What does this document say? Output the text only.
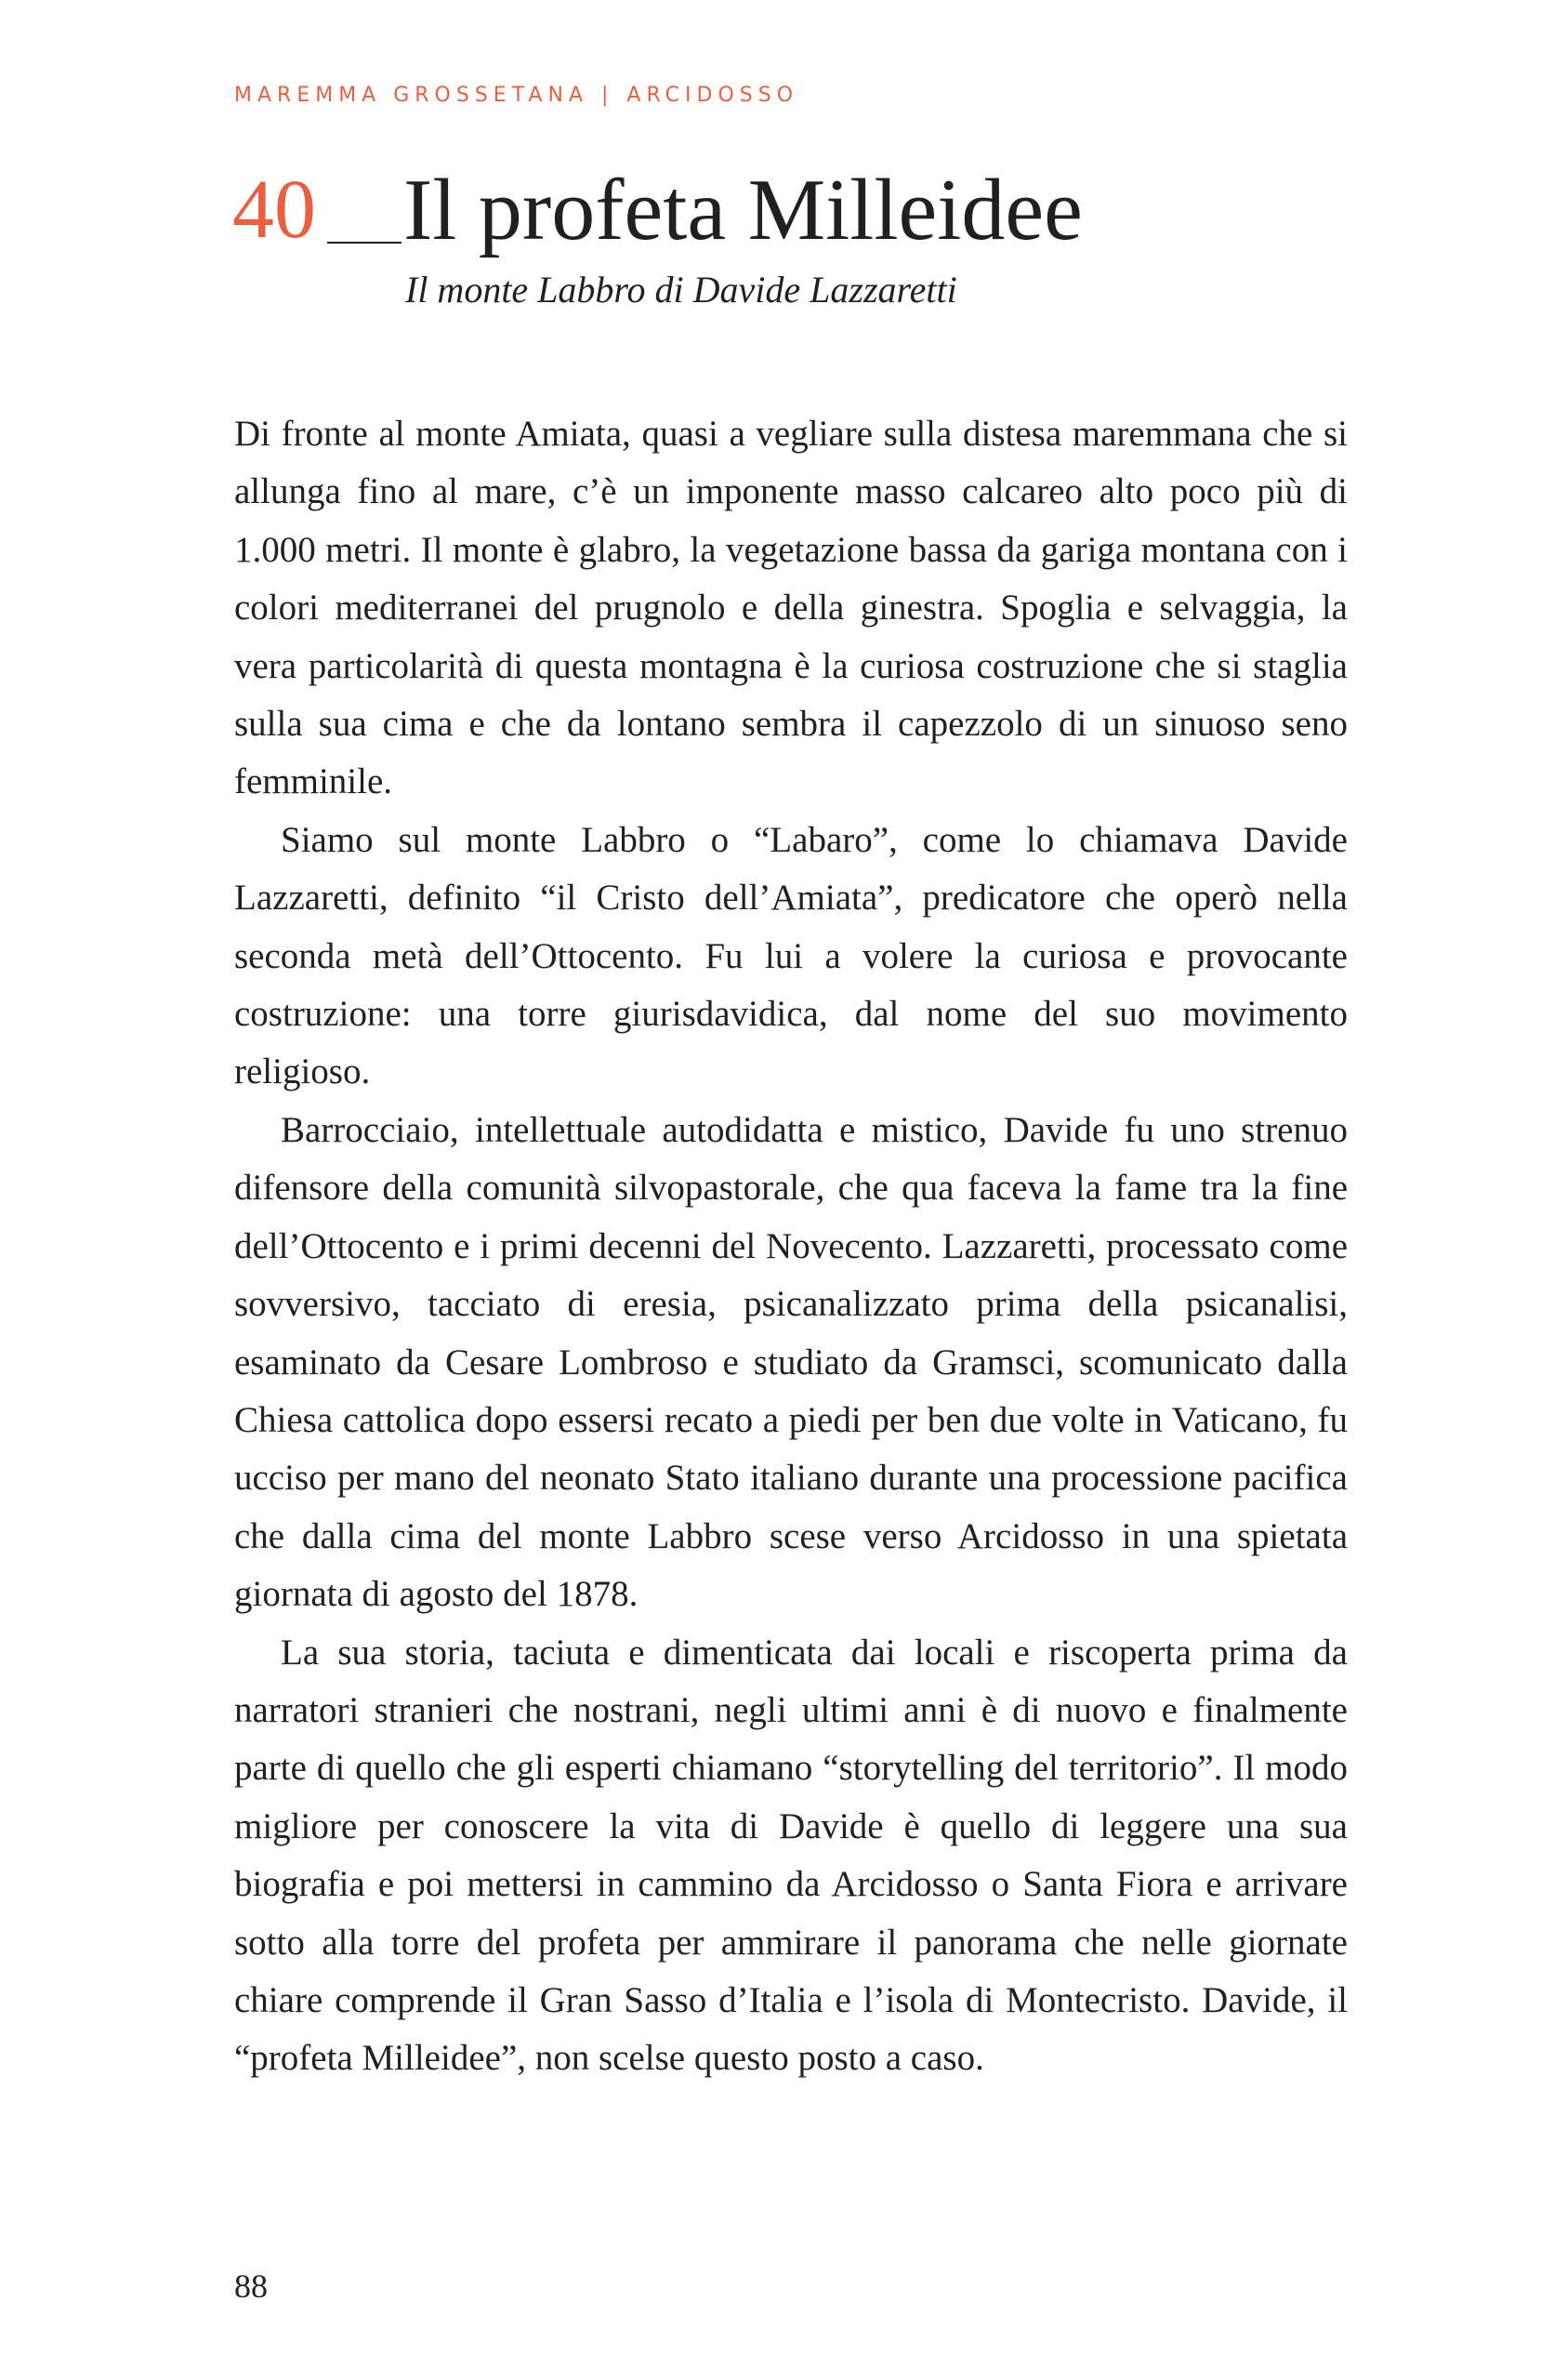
MAREMMA GROSSETANA | ARCIDOSSO
40 Il profeta Milleidee
Il monte Labbro di Davide Lazzaretti

Di fronte al monte Amiata, quasi a vegliare sulla distesa maremmana che si allunga fino al mare, c’è un imponente masso calcareo alto poco più di 1.000 metri. Il monte è glabro, la vegetazione bassa da gariga montana con i colori mediterranei del prugnolo e della ginestra. Spoglia e selvaggia, la vera particolarità di questa montagna è la curiosa costruzione che si staglia sulla sua cima e che da lontano sembra il capezzolo di un sinuoso seno femminile.

Siamo sul monte Labbro o “Labaro”, come lo chiamava Davide Lazzaretti, definito “il Cristo dell’Amiata”, predicatore che operò nella seconda metà dell’Ottocento. Fu lui a volere la curiosa e provocante costruzione: una torre giurisdavidica, dal nome del suo movimento religioso.

Barrocciaio, intellettuale autodidatta e mistico, Davide fu uno strenuo difensore della comunità silvopastorale, che qua faceva la fame tra la fine dell’Ottocento e i primi decenni del Novecento. Lazzaretti, processato come sovversivo, tacciato di eresia, psicanalizzato prima della psicanalisi, esaminato da Cesare Lombroso e studiato da Gramsci, scomunicato dalla Chiesa cattolica dopo essersi recato a piedi per ben due volte in Vaticano, fu ucciso per mano del neonato Stato italiano durante una processione pacifica che dalla cima del monte Labbro scese verso Arcidosso in una spietata giornata di agosto del 1878.

La sua storia, taciuta e dimenticata dai locali e riscoperta prima da narratori stranieri che nostrani, negli ultimi anni è di nuovo e finalmente parte di quello che gli esperti chiamano “storytelling del territorio”. Il modo migliore per conoscere la vita di Davide è quello di leggere una sua biografia e poi mettersi in cammino da Arcidosso o Santa Fiora e arrivare sotto alla torre del profeta per ammirare il panorama che nelle giornate chiare comprende il Gran Sasso d’Italia e l’isola di Montecristo. Davide, il “profeta Milleidee”, non scelse questo posto a caso.

88
